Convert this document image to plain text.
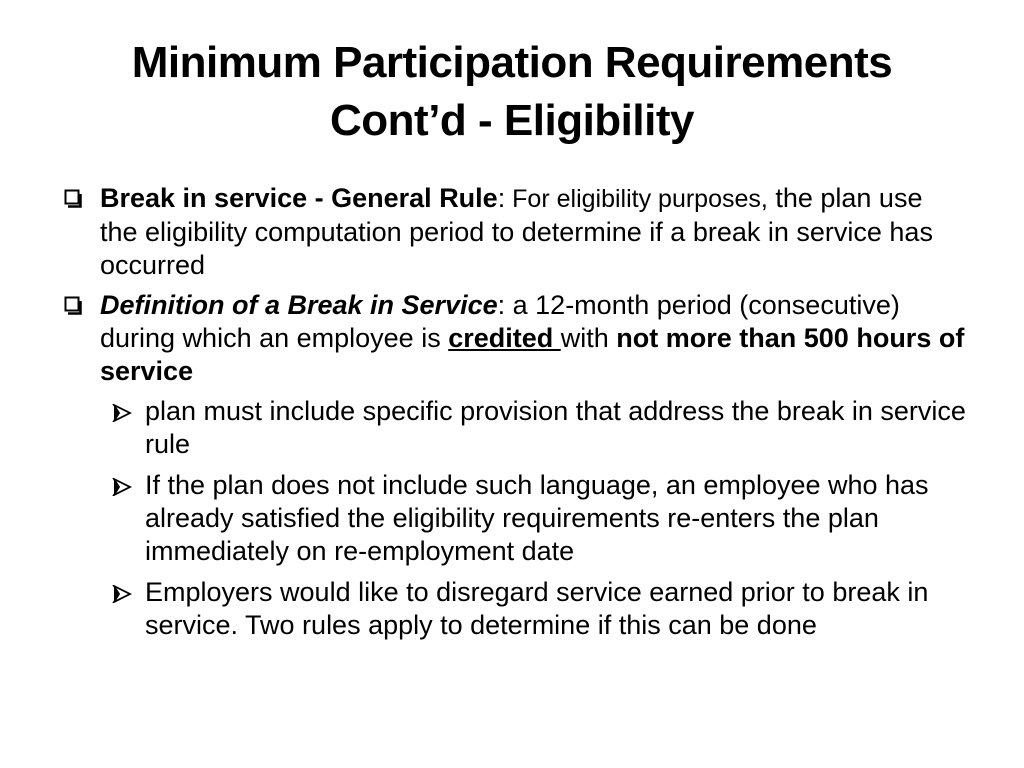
Minimum Participation Requirements
Cont’d - Eligibility
Break in service - General Rule: For eligibility purposes, the plan use the eligibility computation period to determine if a break in service has occurred
Definition of a Break in Service: a 12-month period (consecutive) during which an employee is credited with not more than 500 hours of service
plan must include specific provision that address the break in service rule
If the plan does not include such language, an employee who has already satisfied the eligibility requirements re-enters the plan immediately on re-employment date
Employers would like to disregard service earned prior to break in service. Two rules apply to determine if this can be done
